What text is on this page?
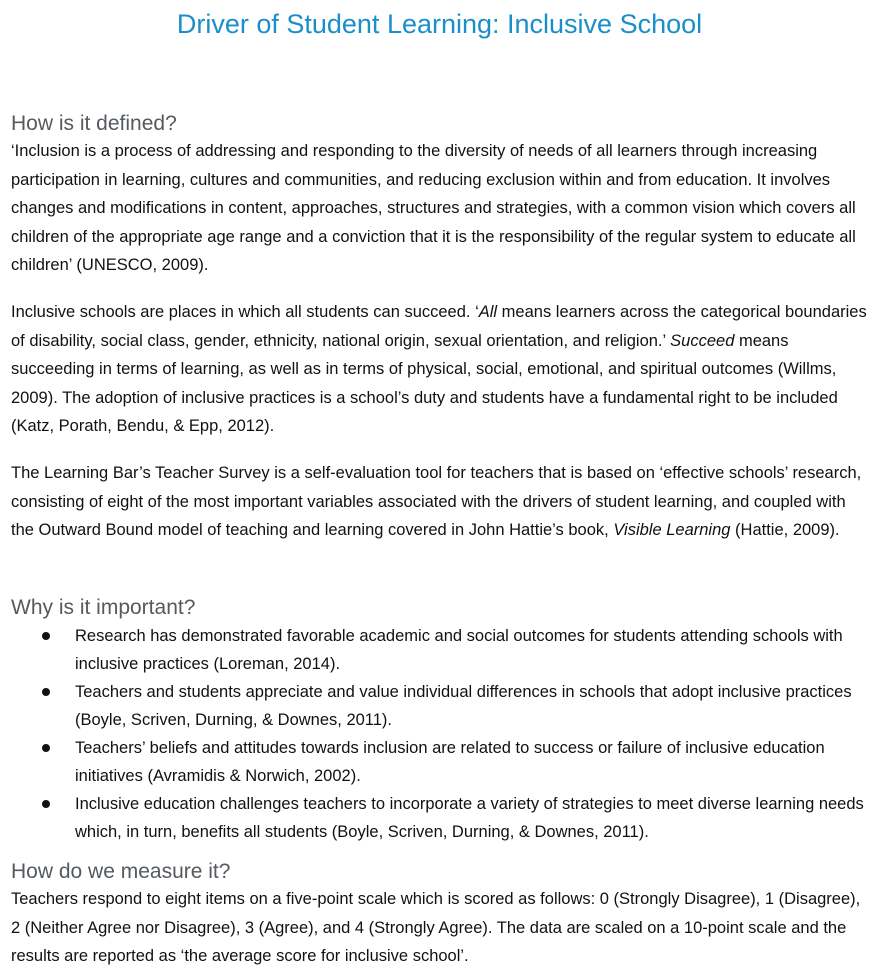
Driver of Student Learning: Inclusive School
How is it defined?

‘Inclusion is a process of addressing and responding to the diversity of needs of all learners through increasing participation in learning, cultures and communities, and reducing exclusion within and from education. It involves changes and modifications in content, approaches, structures and strategies, with a common vision which covers all children of the appropriate age range and a conviction that it is the responsibility of the regular system to educate all children’ (UNESCO, 2009).

Inclusive schools are places in which all students can succeed. ‘All means learners across the categorical boundaries of disability, social class, gender, ethnicity, national origin, sexual orientation, and religion.’ Succeed means succeeding in terms of learning, as well as in terms of physical, social, emotional, and spiritual outcomes (Willms, 2009). The adoption of inclusive practices is a school’s duty and students have a fundamental right to be included (Katz, Porath, Bendu, & Epp, 2012).

The Learning Bar’s Teacher Survey is a self-evaluation tool for teachers that is based on ‘effective schools’ research, consisting of eight of the most important variables associated with the drivers of student learning, and coupled with the Outward Bound model of teaching and learning covered in John Hattie’s book, Visible Learning (Hattie, 2009).

Why is it important?
Research has demonstrated favorable academic and social outcomes for students attending schools with inclusive practices (Loreman, 2014).
Teachers and students appreciate and value individual differences in schools that adopt inclusive practices (Boyle, Scriven, Durning, & Downes, 2011).
Teachers’ beliefs and attitudes towards inclusion are related to success or failure of inclusive education initiatives (Avramidis & Norwich, 2002).
Inclusive education challenges teachers to incorporate a variety of strategies to meet diverse learning needs which, in turn, benefits all students (Boyle, Scriven, Durning, & Downes, 2011).
How do we measure it?

Teachers respond to eight items on a five-point scale which is scored as follows: 0 (Strongly Disagree), 1 (Disagree), 2 (Neither Agree nor Disagree), 3 (Agree), and 4 (Strongly Agree). The data are scaled on a 10-point scale and the results are reported as ‘the average score for inclusive school’.
